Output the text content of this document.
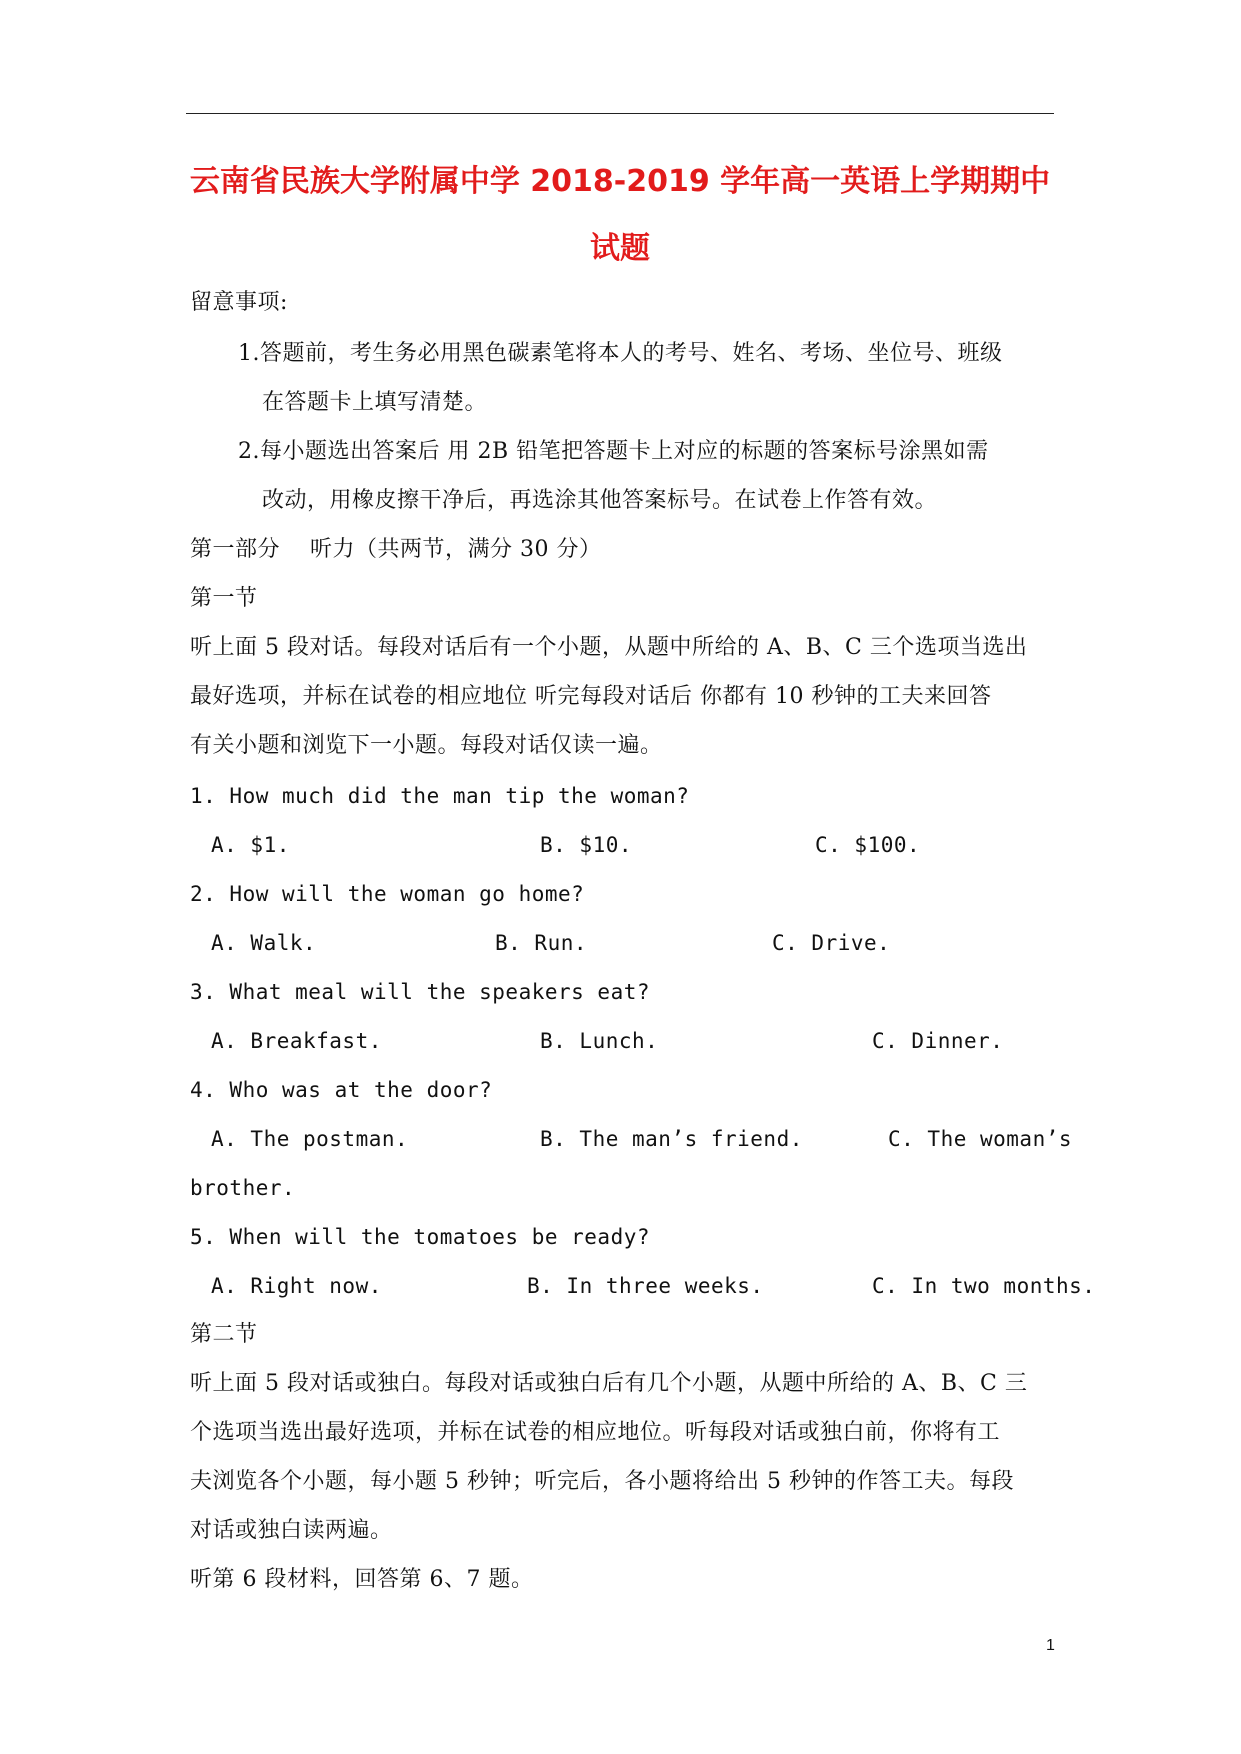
云南省民族大学附属中学 2018-2019 学年高一英语上学期期中
试题
留意事项:
1.答题前，考生务必用黑色碳素笔将本人的考号、姓名、考场、坐位号、班级
在答题卡上填写清楚。
2.每小题选出答案后 用 2B 铅笔把答题卡上对应的标题的答案标号涂黑如需
改动，用橡皮擦干净后，再选涂其他答案标号。在试卷上作答有效。
第一部分　 听力（共两节，满分 30 分）
第一节
听上面 5 段对话。每段对话后有一个小题，从题中所给的 A、B、C 三个选项当选出
最好选项，并标在试卷的相应地位 听完每段对话后 你都有 10 秒钟的工夫来回答
有关小题和浏览下一小题。每段对话仅读一遍。
1. How much did the man tip the woman?
A. $1.	B. $10.	C. $100.
2. How will the woman go home?
A. Walk.	B. Run.	C. Drive.
3. What meal will the speakers eat?
A. Breakfast.	B. Lunch.	C. Dinner.
4. Who was at the door?
A. The postman.	B. The man’s friend.	C. The woman’s
brother.
5. When will the tomatoes be ready?
A. Right now.	B. In three weeks.	C. In two months.
第二节
听上面 5 段对话或独白。每段对话或独白后有几个小题，从题中所给的 A、B、C 三
个选项当选出最好选项，并标在试卷的相应地位。听每段对话或独白前，你将有工
夫浏览各个小题，每小题 5 秒钟；听完后，各小题将给出 5 秒钟的作答工夫。每段
对话或独白读两遍。
听第 6 段材料，回答第 6、7 题。
1
